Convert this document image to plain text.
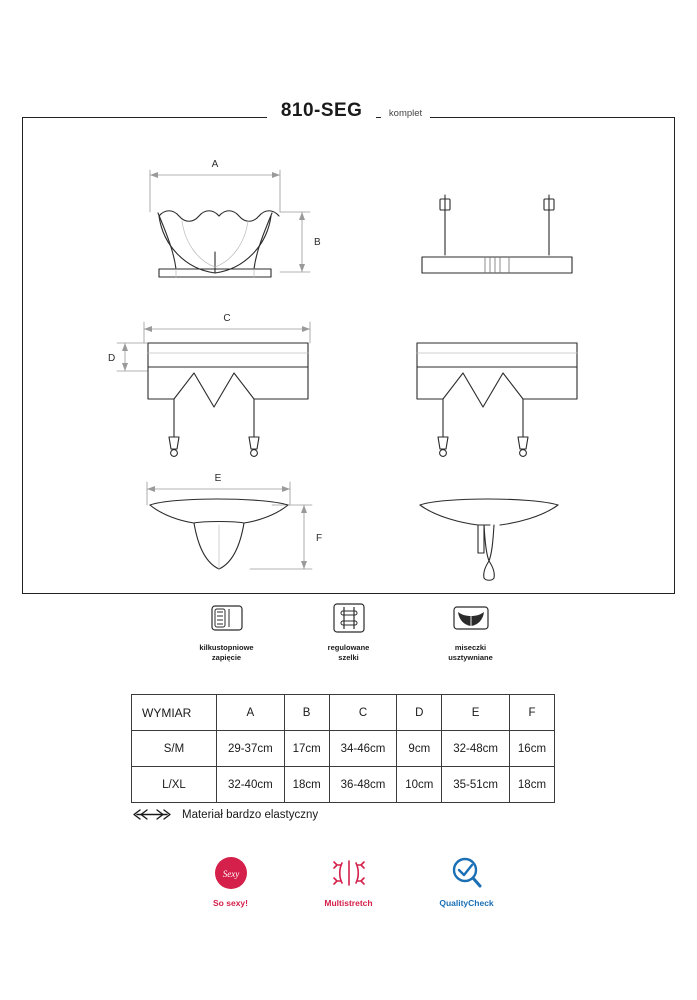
810-SEG	komplet
A
B
C
D
E
F
kilkustopniowe
zapięcie
regulowane
szelki
miseczki
usztywniane
WYMIAR	A	B	C	D	E	F
S/M	29-37cm	17cm	34-46cm	9cm	32-48cm	16cm
L/XL	32-40cm	18cm	36-48cm	10cm	35-51cm	18cm
Materiał bardzo elastyczny
Sexy
So sexy!	Multistretch	QualityCheck
